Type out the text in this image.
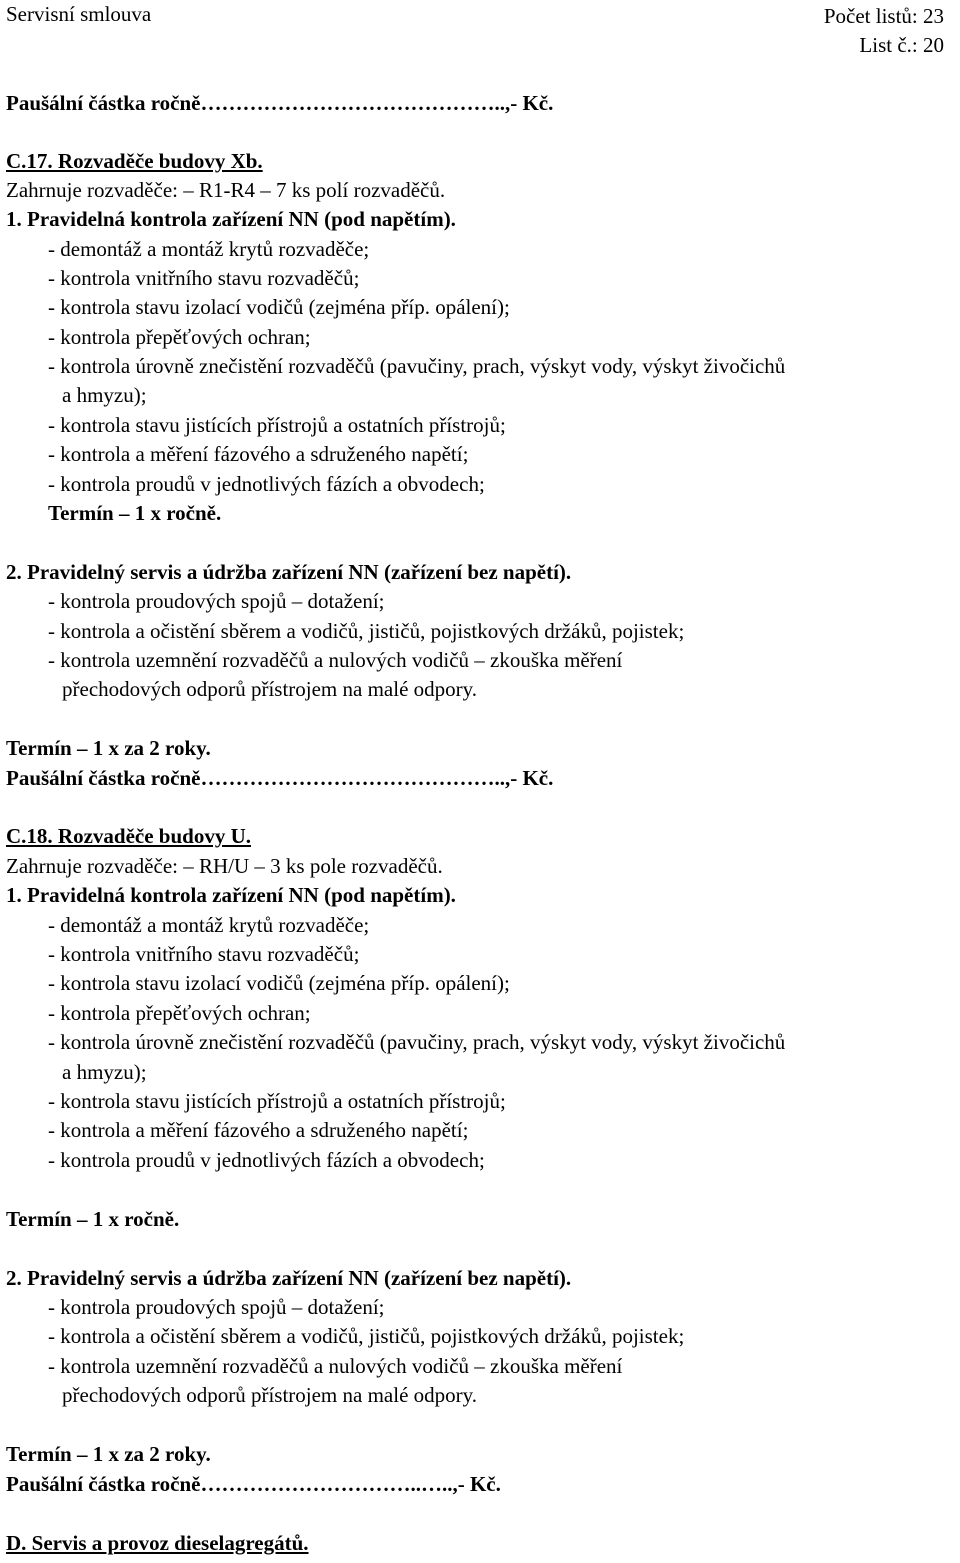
Servisní smlouva	Počet listů: 23
List č.: 20
Paušální částka ročně……………………………………..,- Kč.
C.17. Rozvaděče budovy Xb.
Zahrnuje rozvaděče: – R1-R4 – 7 ks polí rozvaděčů.
1. Pravidelná kontrola zařízení NN (pod napětím).
- demontáž a montáž krytů rozvaděče;
- kontrola vnitřního stavu rozvaděčů;
- kontrola stavu izolací vodičů (zejména příp. opálení);
- kontrola přepěťových ochran;
- kontrola úrovně znečistění rozvaděčů (pavučiny, prach, výskyt vody, výskyt živočichů
a hmyzu);
- kontrola stavu jistících přístrojů a ostatních přístrojů;
- kontrola a měření fázového a sdruženého napětí;
- kontrola proudů v jednotlivých fázích a obvodech;
Termín – 1 x ročně.
2. Pravidelný servis a údržba zařízení NN (zařízení bez napětí).
- kontrola proudových spojů – dotažení;
- kontrola a očistění sběrem a vodičů, jističů, pojistkových držáků, pojistek;
- kontrola uzemnění rozvaděčů a nulových vodičů – zkouška měření
přechodových odporů přístrojem na malé odpory.
Termín – 1 x za 2 roky.
Paušální částka ročně……………………………………..,- Kč.
C.18. Rozvaděče budovy U.
Zahrnuje rozvaděče: – RH/U – 3 ks pole rozvaděčů.
1. Pravidelná kontrola zařízení NN (pod napětím).
- demontáž a montáž krytů rozvaděče;
- kontrola vnitřního stavu rozvaděčů;
- kontrola stavu izolací vodičů (zejména příp. opálení);
- kontrola přepěťových ochran;
- kontrola úrovně znečistění rozvaděčů (pavučiny, prach, výskyt vody, výskyt živočichů
a hmyzu);
- kontrola stavu jistících přístrojů a ostatních přístrojů;
- kontrola a měření fázového a sdruženého napětí;
- kontrola proudů v jednotlivých fázích a obvodech;
Termín – 1 x ročně.
2. Pravidelný servis a údržba zařízení NN (zařízení bez napětí).
- kontrola proudových spojů – dotažení;
- kontrola a očistění sběrem a vodičů, jističů, pojistkových držáků, pojistek;
- kontrola uzemnění rozvaděčů a nulových vodičů – zkouška měření
přechodových odporů přístrojem na malé odpory.
Termín – 1 x za 2 roky.
Paušální částka ročně…………………………..…..,- Kč.
D. Servis a provoz dieselagregátů.
